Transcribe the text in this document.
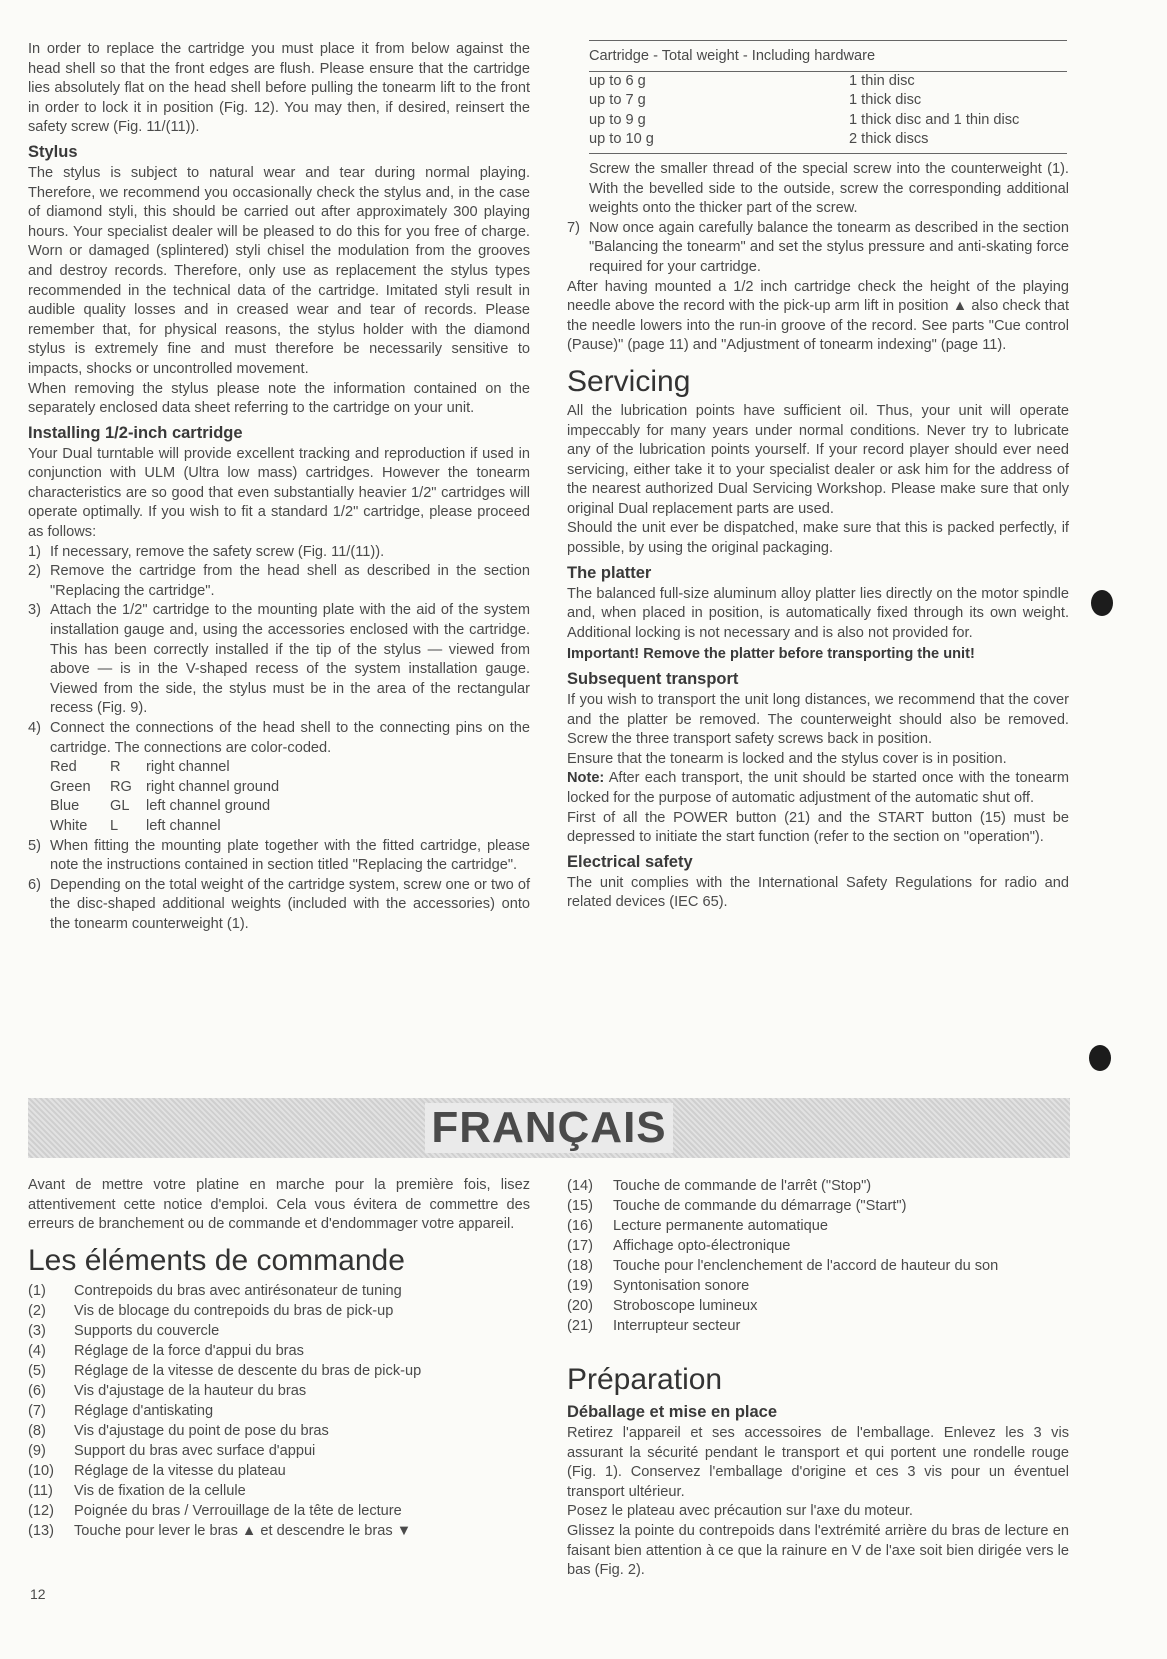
In order to replace the cartridge you must place it from below against the head shell so that the front edges are flush. Please ensure that the cartridge lies absolutely flat on the head shell before pulling the tonearm lift to the front in order to lock it in position (Fig. 12). You may then, if desired, reinsert the safety screw (Fig. 11/(11)).

Stylus

The stylus is subject to natural wear and tear during normal playing. Therefore, we recommend you occasionally check the stylus and, in the case of diamond styli, this should be carried out after approximately 300 playing hours. Your specialist dealer will be pleased to do this for you free of charge. Worn or damaged (splintered) styli chisel the modulation from the grooves and destroy records. Therefore, only use as replacement the stylus types recommended in the technical data of the cartridge. Imitated styli result in audible quality losses and in creased wear and tear of records. Please remember that, for physical reasons, the stylus holder with the diamond stylus is extremely fine and must therefore be necessarily sensitive to impacts, shocks or uncontrolled movement.

When removing the stylus please note the information contained on the separately enclosed data sheet referring to the cartridge on your unit.

Installing 1/2-inch cartridge

Your Dual turntable will provide excellent tracking and reproduction if used in conjunction with ULM (Ultra low mass) cartridges. However the tonearm characteristics are so good that even substantially heavier 1/2" cartridges will operate optimally. If you wish to fit a standard 1/2" cartridge, please proceed as follows:

1) If necessary, remove the safety screw (Fig. 11/(11)).
2) Remove the cartridge from the head shell as described in the section "Replacing the cartridge".
3) Attach the 1/2" cartridge to the mounting plate with the aid of the system installation gauge and, using the accessories enclosed with the cartridge. This has been correctly installed if the tip of the stylus — viewed from above — is in the V-shaped recess of the system installation gauge. Viewed from the side, the stylus must be in the area of the rectangular recess (Fig. 9).
4) Connect the connections of the head shell to the connecting pins on the cartridge. The connections are color-coded.
Red	R	right channel
Green	RG right channel ground
Blue	GL	left channel ground
White	L	left channel
5) When fitting the mounting plate together with the fitted cartridge, please note the instructions contained in section titled "Replacing the cartridge".
6) Depending on the total weight of the cartridge system, screw one or two of the disc-shaped additional weights (included with the accessories) onto the tonearm counterweight (1).
Cartridge - Total weight - Including hardware	
up to 6 g	1 thin disc
up to 7 g	1 thick disc
up to 9 g	1 thick disc and 1 thin disc
up to 10 g	2 thick discs

Screw the smaller thread of the special screw into the counterweight (1). With the bevelled side to the outside, screw the corresponding additional weights onto the thicker part of the screw.

7) Now once again carefully balance the tonearm as described in the section "Balancing the tonearm" and set the stylus pressure and anti-skating force required for your cartridge.

After having mounted a 1/2 inch cartridge check the height of the playing needle above the record with the pick-up arm lift in position ▲ also check that the needle lowers into the run-in groove of the record. See parts "Cue control (Pause)" (page 11) and "Adjustment of tonearm indexing" (page 11).

Servicing

All the lubrication points have sufficient oil. Thus, your unit will operate impeccably for many years under normal conditions. Never try to lubricate any of the lubrication points yourself. If your record player should ever need servicing, either take it to your specialist dealer or ask him for the address of the nearest authorized Dual Servicing Workshop. Please make sure that only original Dual replacement parts are used.

Should the unit ever be dispatched, make sure that this is packed perfectly, if possible, by using the original packaging.

The platter

The balanced full-size aluminum alloy platter lies directly on the motor spindle and, when placed in position, is automatically fixed through its own weight. Additional locking is not necessary and is also not provided for.

Important! Remove the platter before transporting the unit!

Subsequent transport

If you wish to transport the unit long distances, we recommend that the cover and the platter be removed. The counterweight should also be removed. Screw the three transport safety screws back in position.

Ensure that the tonearm is locked and the stylus cover is in position.

Note: After each transport, the unit should be started once with the tonearm locked for the purpose of automatic adjustment of the automatic shut off.

First of all the POWER button (21) and the START button (15) must be depressed to initiate the start function (refer to the section on "operation").

Electrical safety

The unit complies with the International Safety Regulations for radio and related devices (IEC 65).

FRANÇAIS

Avant de mettre votre platine en marche pour la première fois, lisez attentivement cette notice d'emploi. Cela vous évitera de commettre des erreurs de branchement ou de commande et d'endommager votre appareil.

Les éléments de commande
(1)	Contrepoids du bras avec antirésonateur de tuning
(2)	Vis de blocage du contrepoids du bras de pick-up
(3)	Supports du couvercle
(4)	Réglage de la force d'appui du bras
(5)	Réglage de la vitesse de descente du bras de pick-up
(6)	Vis d'ajustage de la hauteur du bras
(7)	Réglage d'antiskating
(8)	Vis d'ajustage du point de pose du bras
(9)	Support du bras avec surface d'appui
(10)	Réglage de la vitesse du plateau
(11)	Vis de fixation de la cellule
(12)	Poignée du bras / Verrouillage de la tête de lecture
(13)	Touche pour lever le bras ▲ et descendre le bras ▼
(14)	Touche de commande de l'arrêt ("Stop")
(15)	Touche de commande du démarrage ("Start")
(16)	Lecture permanente automatique
(17)	Affichage opto-électronique
(18)	Touche pour l'enclenchement de l'accord de hauteur du son
(19)	Syntonisation sonore
(20)	Stroboscope lumineux
(21)	Interrupteur secteur
Préparation
Déballage et mise en place

Retirez l'appareil et ses accessoires de l'emballage. Enlevez les 3 vis assurant la sécurité pendant le transport et qui portent une rondelle rouge (Fig. 1). Conservez l'emballage d'origine et ces 3 vis pour un éventuel transport ultérieur.

Posez le plateau avec précaution sur l'axe du moteur.

Glissez la pointe du contrepoids dans l'extrémité arrière du bras de lecture en faisant bien attention à ce que la rainure en V de l'axe soit bien dirigée vers le bas (Fig. 2).

12
